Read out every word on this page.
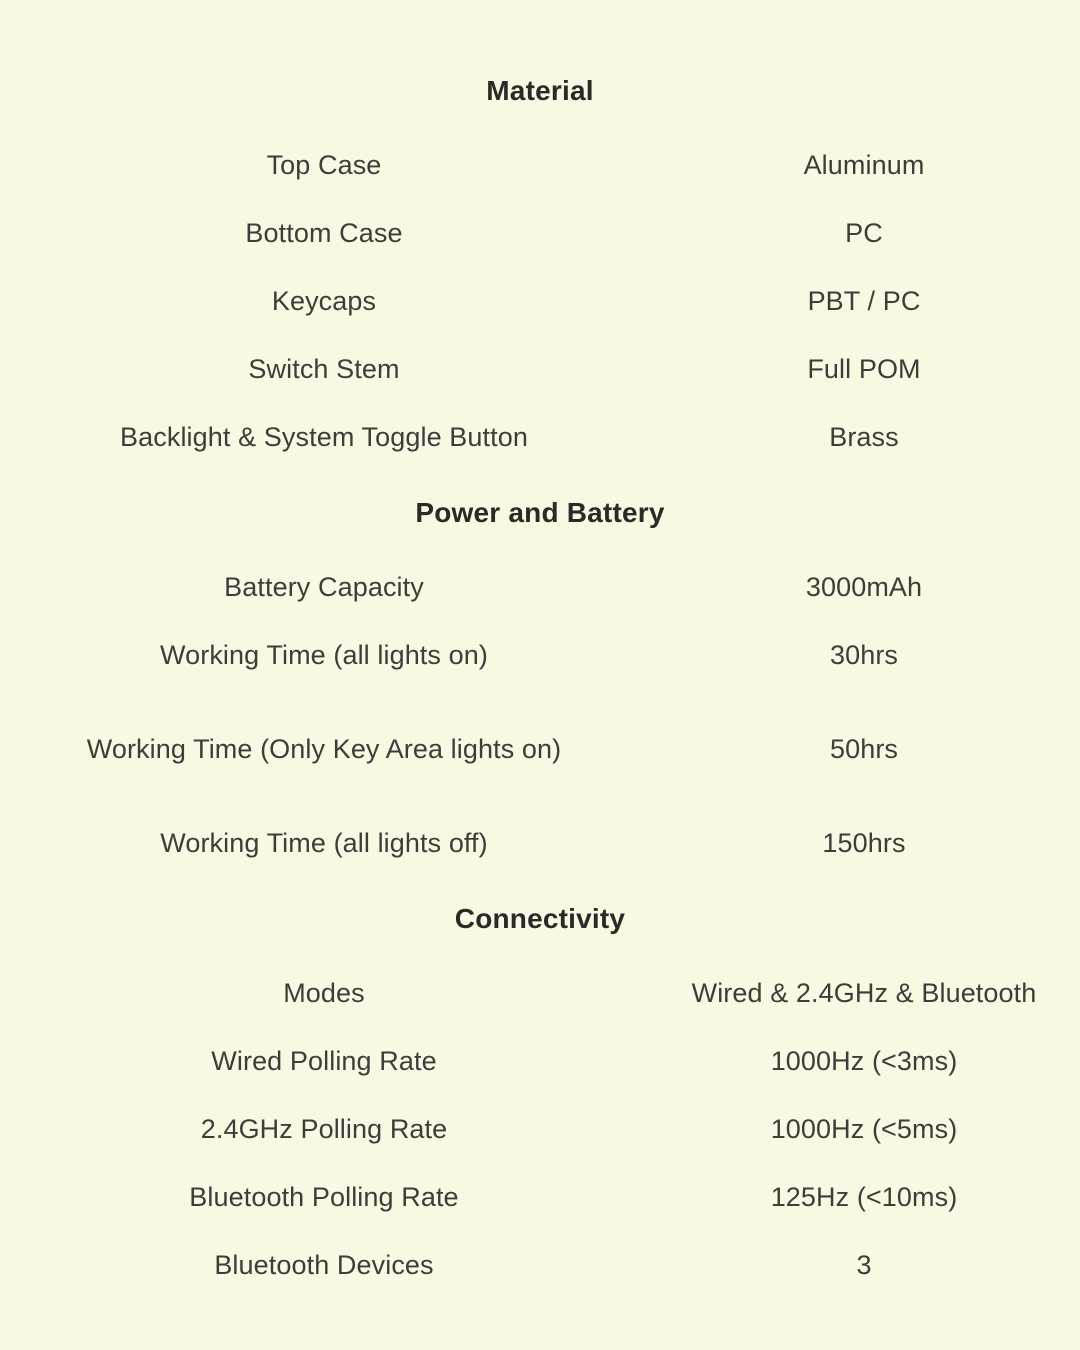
Material
Top Case	Aluminum
Bottom Case	PC
Keycaps	PBT / PC
Switch Stem	Full POM
Backlight & System Toggle Button	Brass
Power and Battery
Battery Capacity	3000mAh
Working Time (all lights on)	30hrs
Working Time (Only Key Area lights on)	50hrs
Working Time (all lights off)	150hrs
Connectivity
Modes	Wired & 2.4GHz & Bluetooth
Wired Polling Rate	1000Hz (<3ms)
2.4GHz Polling Rate	1000Hz (<5ms)
Bluetooth Polling Rate	125Hz (<10ms)
Bluetooth Devices	3
